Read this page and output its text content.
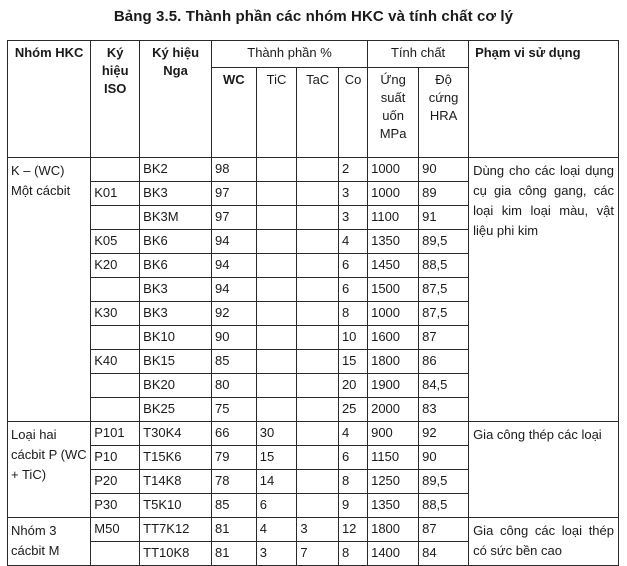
Bảng 3.5. Thành phần các nhóm HKC và tính chất cơ lý
Nhóm HKC	Ký hiệu ISO	Ký hiệu Nga	Thành phần %				Tính chất		Phạm vi sử dụng
			WC	TiC	TaC	Co	Ứng suất uốn MPa	Độ cứng HRA	
K – (WC) Một cácbit		BK2	98			2	1000	90	Dùng cho các loại dụng cụ gia công gang, các loại kim loại màu, vật liệu phi kim
	K01	BK3	97			3	1000	89	
		BK3M	97			3	1100	91	
	K05	BK6	94			4	1350	89,5	
	K20	BK6	94			6	1450	88,5	
		BK3	94			6	1500	87,5	
	K30	BK3	92			8	1000	87,5	
		BK10	90			10	1600	87	
	K40	BK15	85			15	1800	86	
		BK20	80			20	1900	84,5	
		BK25	75			25	2000	83	
Loại hai cácbit P (WC + TiC)	P101	T30K4	66	30		4	900	92	Gia công thép các loại
	P10	T15K6	79	15		6	1150	90	
	P20	T14K8	78	14		8	1250	89,5	
	P30	T5K10	85	6		9	1350	88,5	
Nhóm 3 cácbit M	M50	TT7K12	81	4	3	12	1800	87	Gia công các loại thép có sức bền cao
		TT10K8	81	3	7	8	1400	84	
